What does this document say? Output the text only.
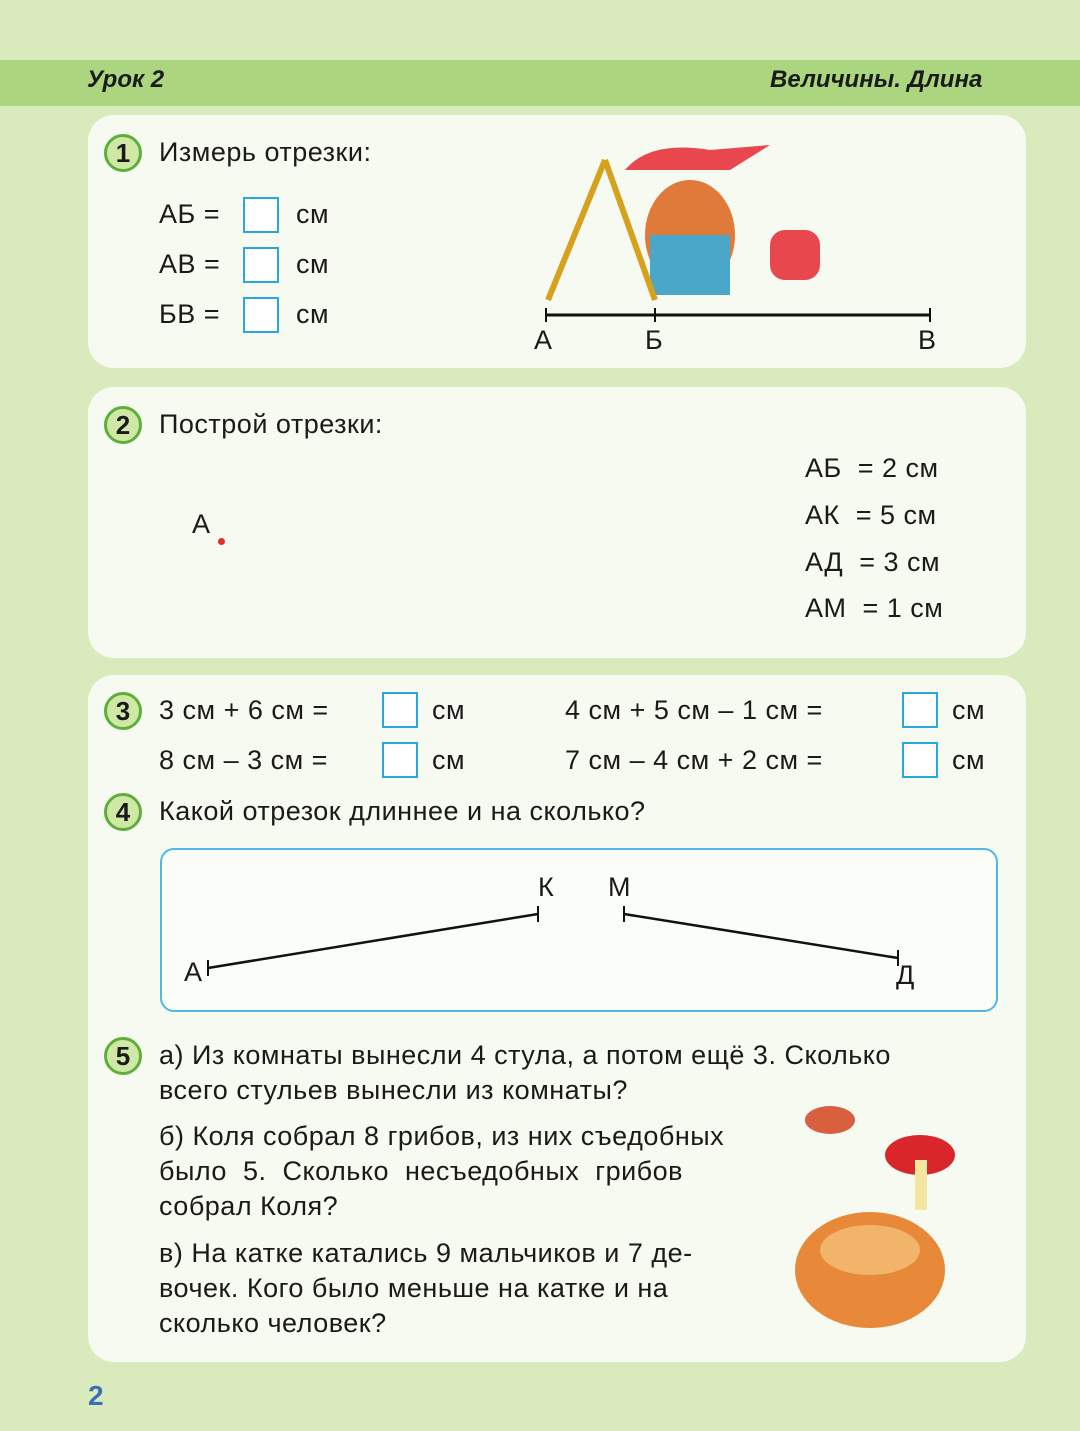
Урок 2	Величины. Длина
1	Измерь отрезки:
АБ =	см
АВ =	см
БВ =	см
А	Б	В
2	Построй отрезки:
А
АБ  = 2 см
АК  = 5 см
АД  = 3 см
АМ  = 1 см
3	3 см + 6 см =	см
8 см – 3 см =	см
4 см + 5 см – 1 см =	см
7 см – 4 см + 2 см =	см
4	Какой отрезок длиннее и на сколько?
А
К М
Д
5	а) Из комнаты вынесли 4 стула, а потом ещё 3. Сколько
всего стульев вынесли из комнаты?
б) Коля собрал 8 грибов, из них съедобных
было 5. Сколько несъедобных грибов
собрал Коля?
в) На катке катались 9 мальчиков и 7 де-
вочек. Кого было меньше на катке и на
сколько человек?
2
